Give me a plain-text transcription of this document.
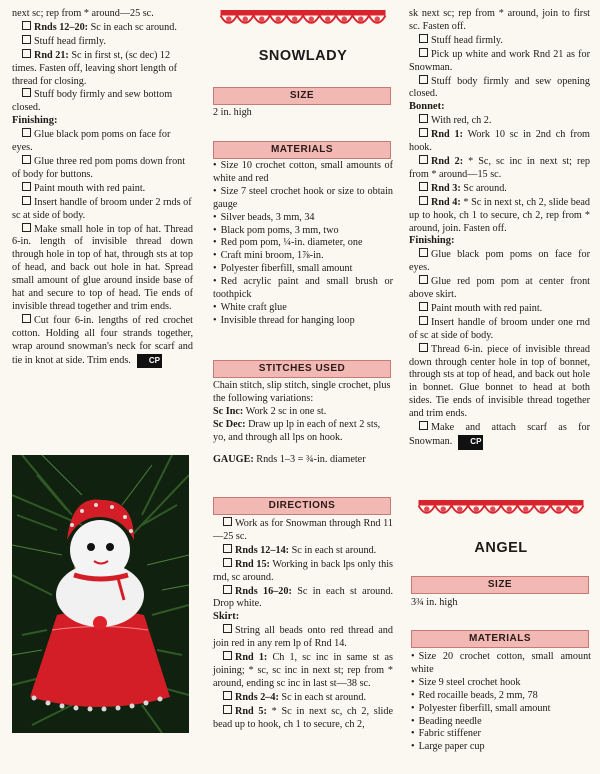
next sc; rep from * around—25 sc.

Rnds 12–20: Sc in each sc around.

Stuff head firmly.

Rnd 21: Sc in first st, (sc dec) 12 times. Fasten off, leaving short length of thread for closing.

Stuff body firmly and sew bottom closed.

Finishing:

Glue black pom poms on face for eyes.

Glue three red pom poms down front of body for buttons.

Paint mouth with red paint.

Insert handle of broom under 2 rnds of sc at side of body.

Make small hole in top of hat. Thread 6-in. length of invisible thread down through hole in top of hat, through sts at top of head, and back out hole in hat. Spread small amount of glue around inside base of hat and secure to top of head. Tie ends of invisible thread together and trim ends.

Cut four 6-in. lengths of red crochet cotton. Holding all four strands together, wrap around snowman's neck for scarf and tie in knot at side. Trim ends. CP

SNOWLADY
SIZE
2 in. high
MATERIALS
• Size 10 crochet cotton, small amounts of white and red
• Size 7 steel crochet hook or size to obtain gauge
• Silver beads, 3 mm, 34
• Black pom poms, 3 mm, two
• Red pom pom, ¼-in. diameter, one
• Craft mini broom, 1⅞-in.
• Polyester fiberfill, small amount
• Red acrylic paint and small brush or toothpick
• White craft glue
• Invisible thread for hanging loop
STITCHES USED

Chain stitch, slip stitch, single crochet, plus the following variations:

Sc Inc: Work 2 sc in one st.

Sc Dec: Draw up lp in each of next 2 sts, yo, and through all lps on hook.

GAUGE: Rnds 1–3 = ¾-in. diameter

DIRECTIONS

Work as for Snowman through Rnd 11—25 sc.

Rnds 12–14: Sc in each st around.

Rnd 15: Working in back lps only this rnd, sc around.

Rnds 16–20: Sc in each st around. Drop white.

Skirt:

String all beads onto red thread and join red in any rem lp of Rnd 14.

Rnd 1: Ch 1, sc inc in same st as joining; * sc, sc inc in next st; rep from * around, ending sc inc in last st—38 sc.

Rnds 2–4: Sc in each st around.

Rnd 5: * Sc in next sc, ch 2, slide bead up to hook, ch 1 to secure, ch 2,

sk next sc; rep from * around, join to first sc. Fasten off.

Stuff head firmly.

Pick up white and work Rnd 21 as for Snowman.

Stuff body firmly and sew opening closed.

Bonnet:

With red, ch 2.

Rnd 1: Work 10 sc in 2nd ch from hook.

Rnd 2: * Sc, sc inc in next st; rep from * around—15 sc.

Rnd 3: Sc around.

Rnd 4: * Sc in next st, ch 2, slide bead up to hook, ch 1 to secure, ch 2, rep from * around, join. Fasten off.

Finishing:

Glue black pom poms on face for eyes.

Glue red pom pom at center front above skirt.

Paint mouth with red paint.

Insert handle of broom under one rnd of sc at side of body.

Thread 6-in. piece of invisible thread down through center hole in top of bonnet, through sts at top of head, and back out hole in bonnet. Glue bonnet to head at both sides. Tie ends of invisible thread together and trim ends.

Make and attach scarf as for Snowman. CP

ANGEL
SIZE
3¾ in. high
MATERIALS
• Size 20 crochet cotton, small amount white
• Size 9 steel crochet hook
• Red rocaille beads, 2 mm, 78
• Polyester fiberfill, small amount
• Beading needle
• Fabric stiffener
• Large paper cup
